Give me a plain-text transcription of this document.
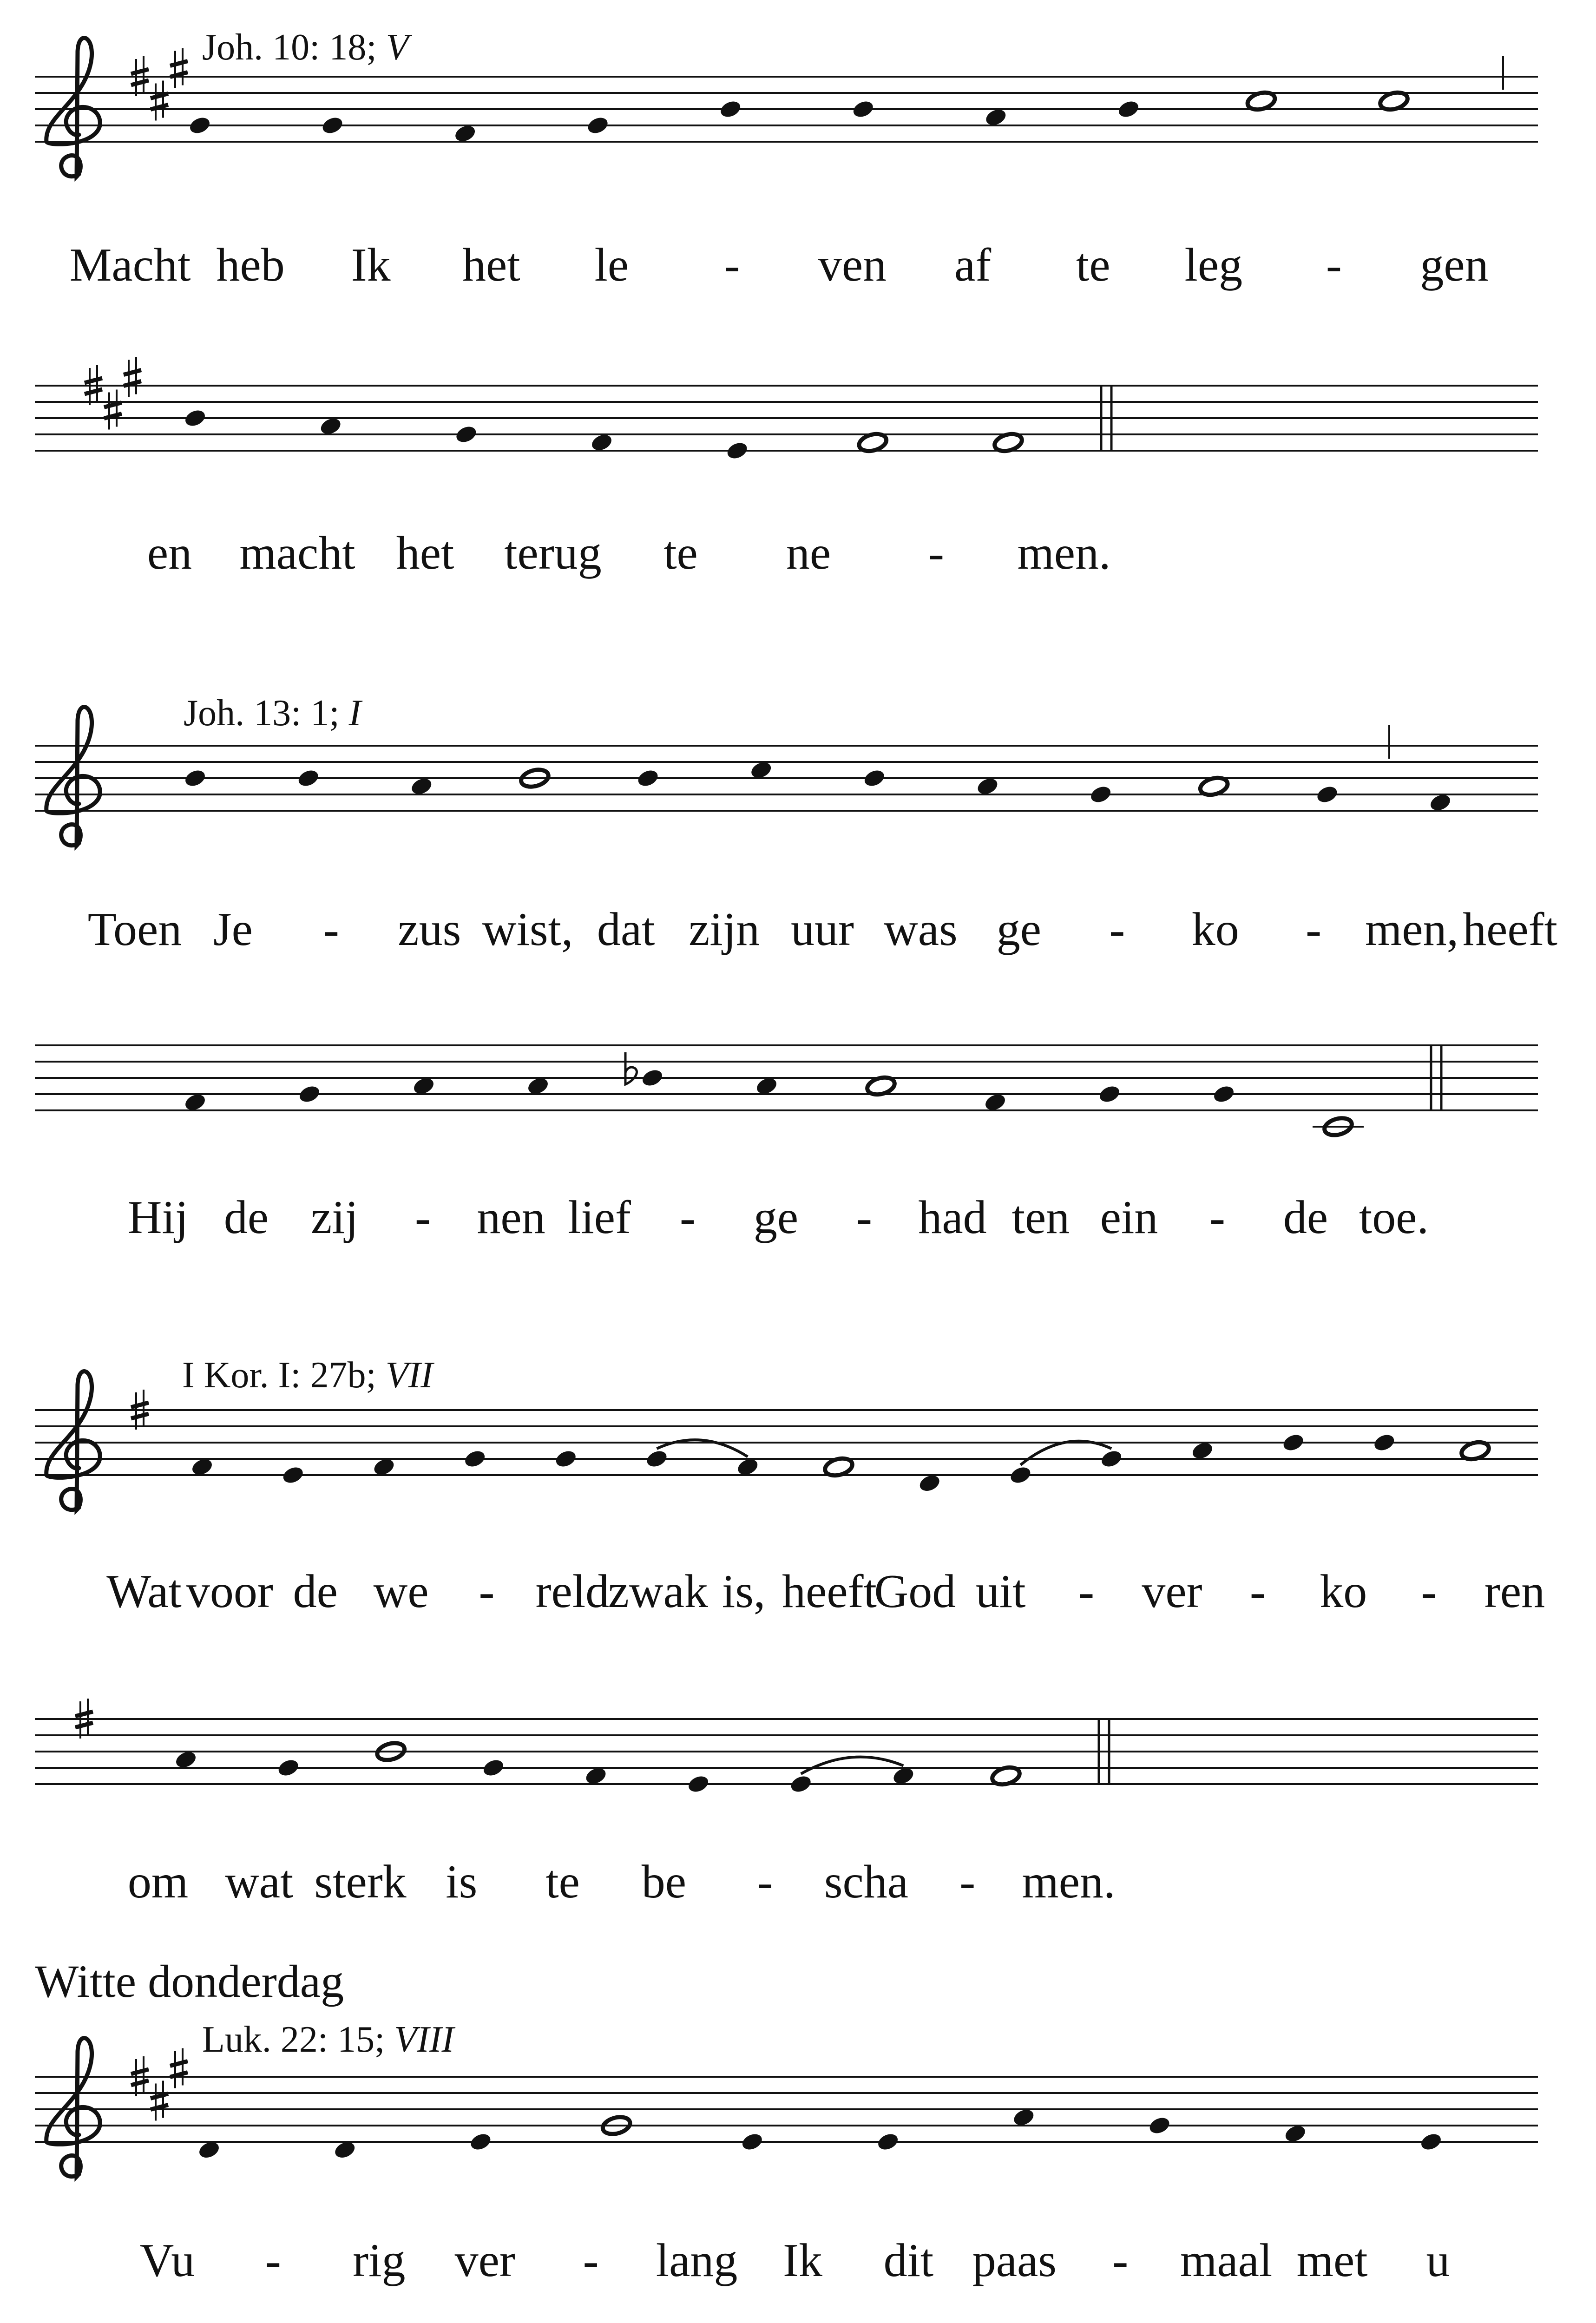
Witte donderdag
Joh. 10: 18; V
Joh. 13: 1; I
I Kor. I: 27b; VII
Luk. 22: 15; VIII
Macht heb Ik het le - ven af te leg - gen
en macht het terug te ne - men.
Toen Je - zus wist, dat zijn uur was ge - ko - men, heeft
Hij de zij - nen lief - ge - had ten ein - de toe.
Wat voor de we - reld
zwak is, heeft
God uit - ver - ko - ren
om wat sterk is te be - scha - men.
Vu - rig ver - lang Ik dit paas - maal met u
